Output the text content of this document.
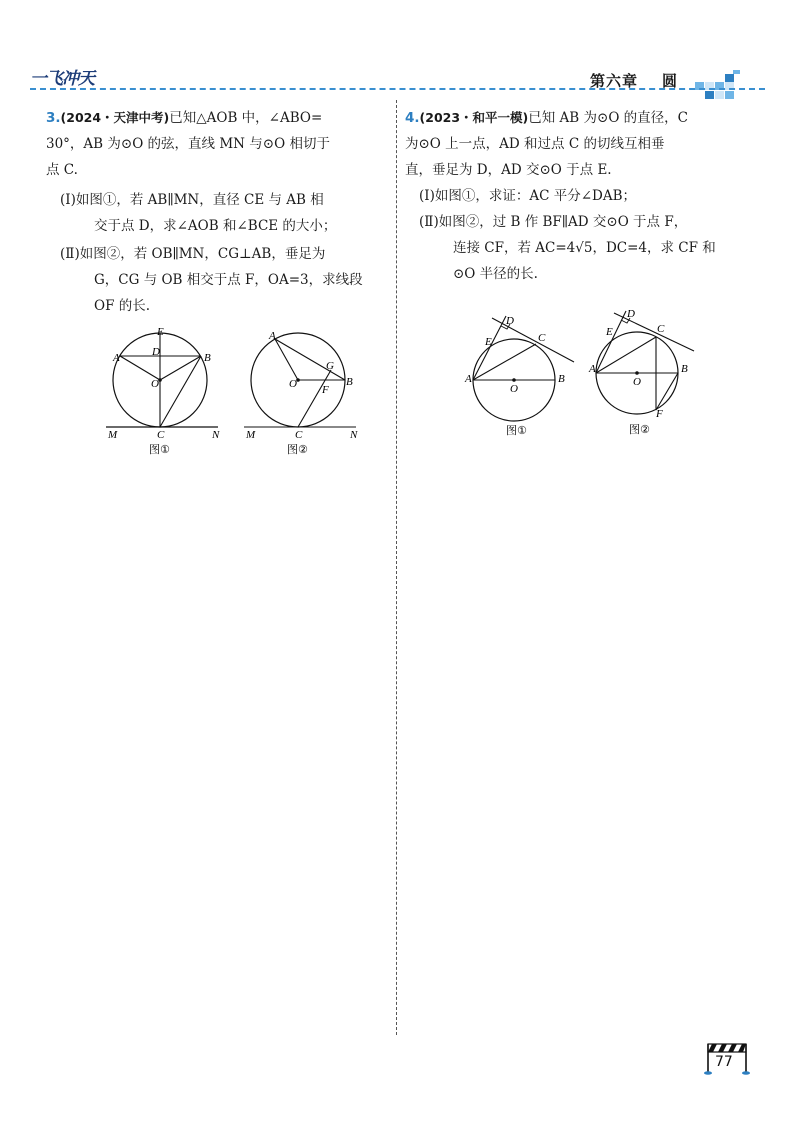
一飞冲天	第六章 圆

3.(2024・天津中考)已知△AOB 中，∠ABO=

30°，AB 为⊙O 的弦，直线 MN 与⊙O 相切于

点 C.

(Ⅰ)如图①，若 AB∥MN，直径 CE 与 AB 相

交于点 D，求∠AOB 和∠BCE 的大小；

(Ⅱ)如图②，若 OB∥MN，CG⊥AB，垂足为

G，CG 与 OB 相交于点 F，OA=3，求线段

OF 的长.

E
D
A	B
O
M	C	N
图①
A
G
O F
B
M	C	N
图②

4.(2023・和平一模)已知 AB 为⊙O 的直径，C

为⊙O 上一点，AD 和过点 C 的切线互相垂

直，垂足为 D，AD 交⊙O 于点 E.

(Ⅰ)如图①，求证：AC 平分∠DAB；

(Ⅱ)如图②，过 B 作 BF∥AD 交⊙O 于点 F，

连接 CF，若 AC=4√5，DC=4，求 CF 和

⊙O 半径的长.

D
E	C
A	B
O
图①
D
E	C
A	B
O
F
图②
77
